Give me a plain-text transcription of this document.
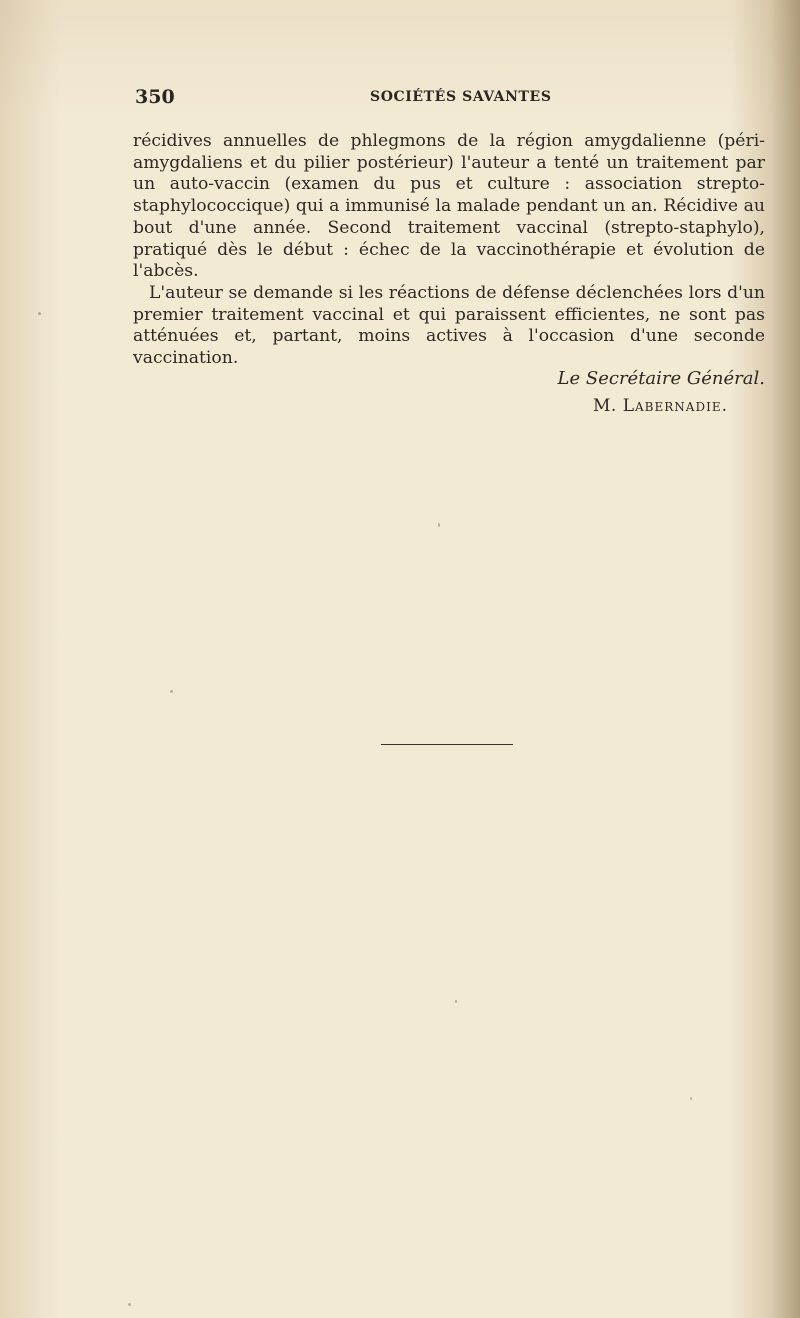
350	SOCIÉTÉS SAVANTES

récidives annuelles de phlegmons de la région amygdalienne (péri-amygdaliens et du pilier postérieur) l'auteur a tenté un traitement par un auto-vaccin (examen du pus et culture : association strepto-staphylococcique) qui a immunisé la malade pendant un an. Récidive au bout d'une année. Second traitement vaccinal (strepto-staphylo), pratiqué dès le début : échec de la vaccinothérapie et évolution de l'abcès.

L'auteur se demande si les réactions de défense déclenchées lors d'un premier traitement vaccinal et qui paraissent efficientes, ne sont pas atténuées et, partant, moins actives à l'occasion d'une seconde vaccination.

Le Secrétaire Général.
M. Labernadie.
